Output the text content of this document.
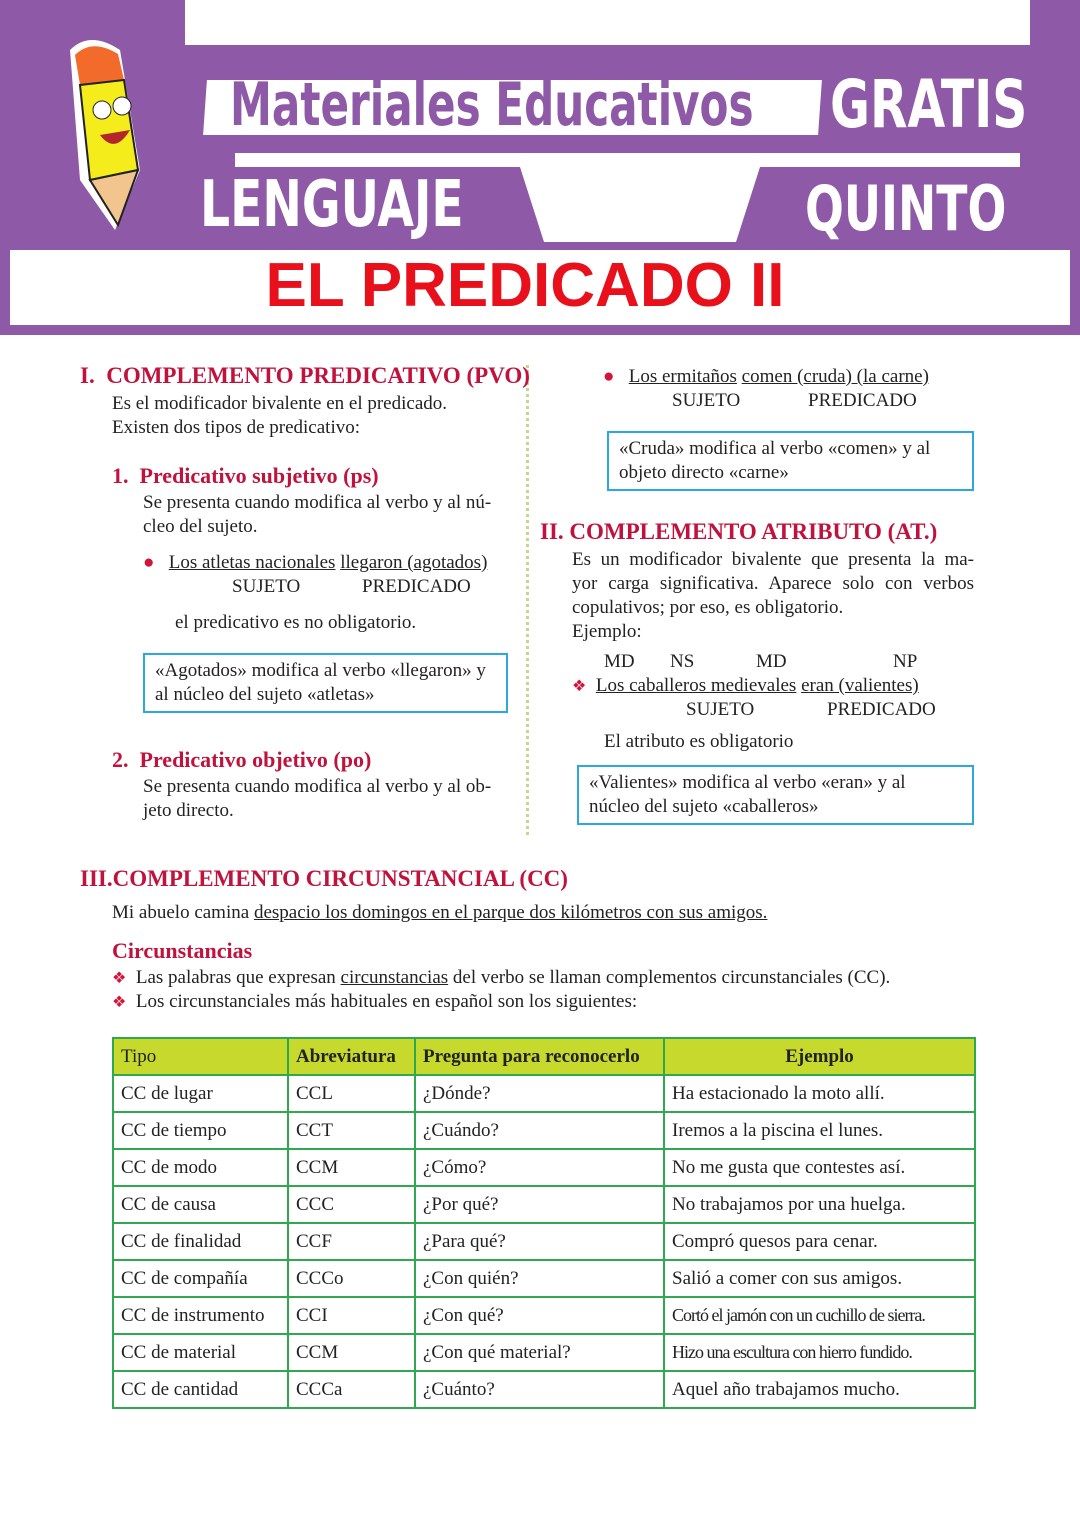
Materiales Educativos GRATIS
LENGUAJE	QUINTO
EL PREDICADO II
I. COMPLEMENTO PREDICATIVO (PVO)
Es el modificador bivalente en el predicado.
Existen dos tipos de predicativo:
1. Predicativo subjetivo (ps)
Se presenta cuando modifica al verbo y al nú-
cleo del sujeto.
● Los atletas nacionales llegaron (agotados)
SUJETO	PREDICADO
el predicativo es no obligatorio.
«Agotados» modifica al verbo «llegaron» y
al núcleo del sujeto «atletas»
2. Predicativo objetivo (po)
Se presenta cuando modifica al verbo y al ob-
jeto directo.
● Los ermitaños comen (cruda) (la carne)
SUJETO	PREDICADO
«Cruda» modifica al verbo «comen» y al
objeto directo «carne»
II. COMPLEMENTO ATRIBUTO (AT.)
Es un modificador bivalente que presenta la ma-
yor carga significativa. Aparece solo con verbos
copulativos; por eso, es obligatorio.
Ejemplo:
MD NS	MD	NP
❖ Los caballeros medievales eran (valientes)
SUJETO	PREDICADO
El atributo es obligatorio
«Valientes» modifica al verbo «eran» y al
núcleo del sujeto «caballeros»
III.COMPLEMENTO CIRCUNSTANCIAL (CC)
Mi abuelo camina despacio los domingos en el parque dos kilómetros con sus amigos.
Circunstancias
❖ Las palabras que expresan circunstancias del verbo se llaman complementos circunstanciales (CC).
❖ Los circunstanciales más habituales en español son los siguientes:
Tipo	Abreviatura	Pregunta para reconocerlo	Ejemplo
CC de lugar	CCL	¿Dónde?	Ha estacionado la moto allí.
CC de tiempo	CCT	¿Cuándo?	Iremos a la piscina el lunes.
CC de modo	CCM	¿Cómo?	No me gusta que contestes así.
CC de causa	CCC	¿Por qué?	No trabajamos por una huelga.
CC de finalidad	CCF	¿Para qué?	Compró quesos para cenar.
CC de compañía	CCCo	¿Con quién?	Salió a comer con sus amigos.
CC de instrumento	CCI	¿Con qué?	Cortó el jamón con un cuchillo de sierra.
CC de material	CCM	¿Con qué material?	Hizo una escultura con hierro fundido.
CC de cantidad	CCCa	¿Cuánto?	Aquel año trabajamos mucho.
